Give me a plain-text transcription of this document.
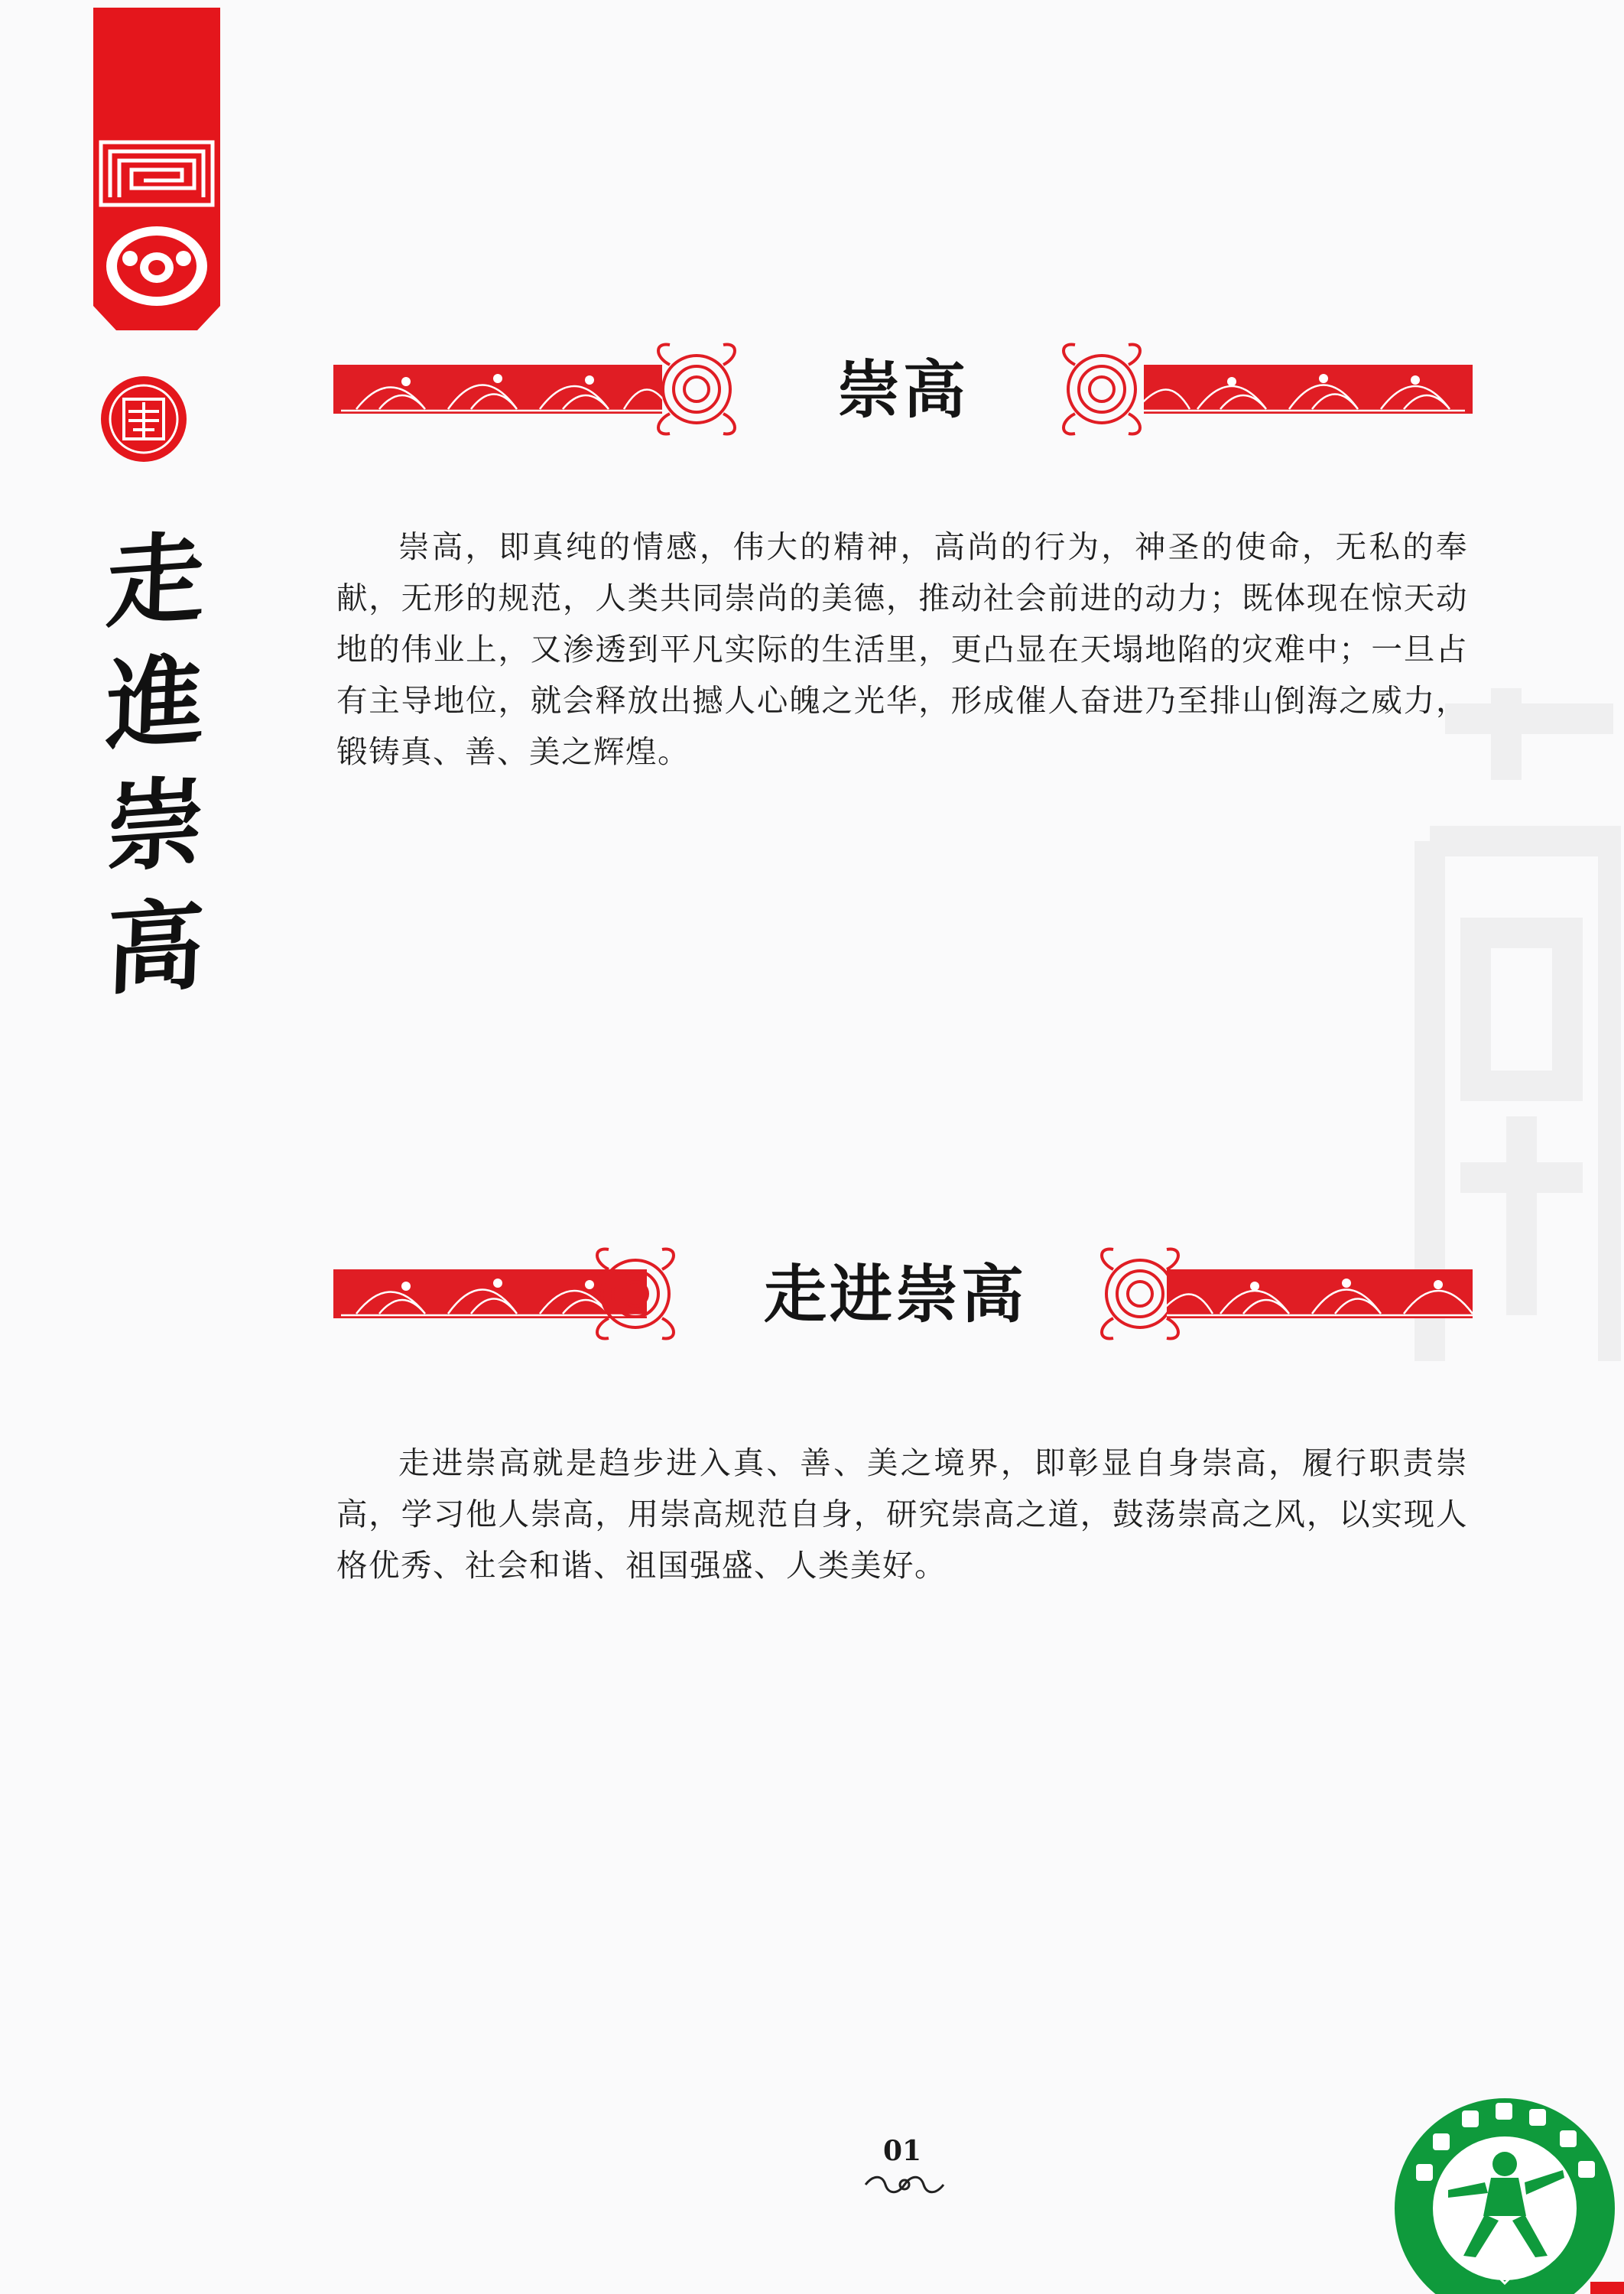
走
進
崇
高
崇高

崇高，即真纯的情感，伟大的精神，高尚的行为，神圣的使命，无私的奉献，无形的规范，人类共同崇尚的美德，推动社会前进的动力；既体现在惊天动地的伟业上，又渗透到平凡实际的生活里，更凸显在天塌地陷的灾难中；一旦占有主导地位，就会释放出撼人心魄之光华，形成催人奋进乃至排山倒海之威力，锻铸真、善、美之辉煌。

走进崇高

走进崇高就是趋步进入真、善、美之境界，即彰显自身崇高，履行职责崇高，学习他人崇高，用崇高规范自身，研究崇高之道，鼓荡崇高之风，以实现人格优秀、社会和谐、祖国强盛、人类美好。

01
